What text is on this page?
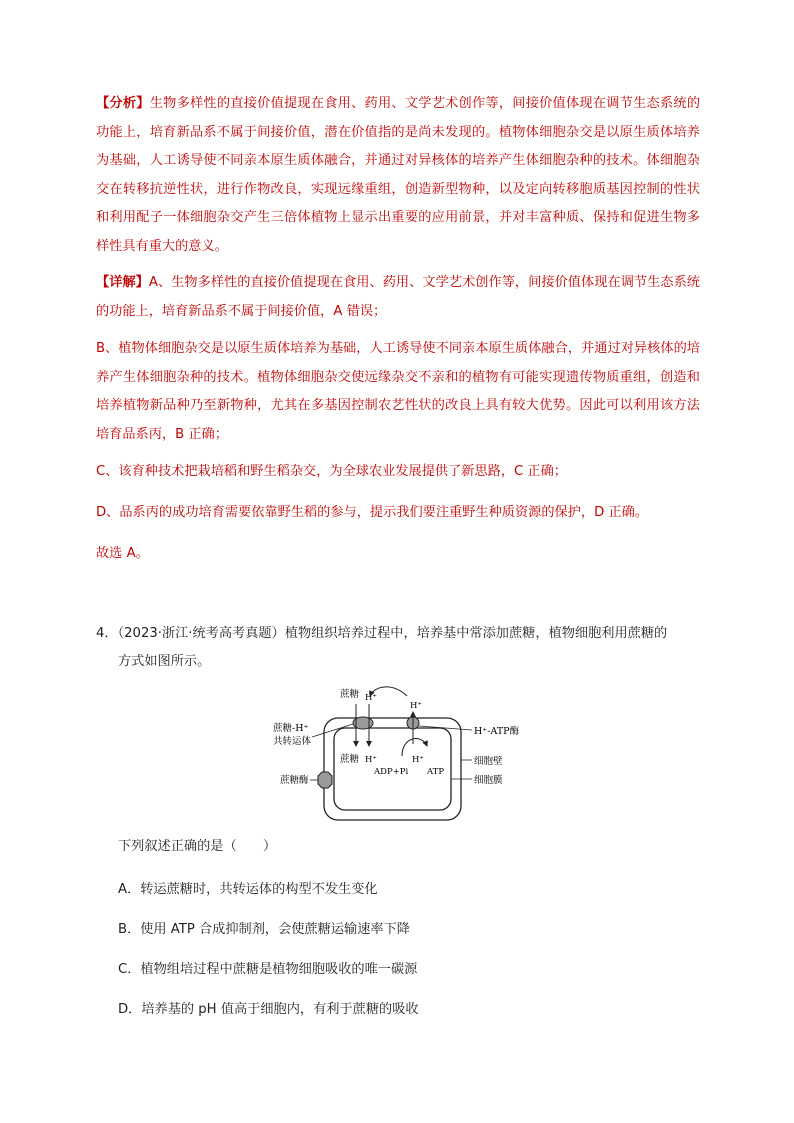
【分析】生物多样性的直接价值提现在食用、药用、文学艺术创作等，间接价值体现在调节生态系统的功能上，培育新品系不属于间接价值，潜在价值指的是尚未发现的。植物体细胞杂交是以原生质体培养为基础，人工诱导使不同亲本原生质体融合，并通过对异核体的培养产生体细胞杂种的技术。体细胞杂交在转移抗逆性状，进行作物改良，实现远缘重组，创造新型物种，以及定向转移胞质基因控制的性状和利用配子一体细胞杂交产生三倍体植物上显示出重要的应用前景，并对丰富种质、保持和促进生物多样性具有重大的意义。

【详解】A、生物多样性的直接价值提现在食用、药用、文学艺术创作等，间接价值体现在调节生态系统的功能上，培育新品系不属于间接价值，A 错误；

B、植物体细胞杂交是以原生质体培养为基础，人工诱导使不同亲本原生质体融合，并通过对异核体的培养产生体细胞杂种的技术。植物体细胞杂交使远缘杂交不亲和的植物有可能实现遗传物质重组，创造和培养植物新品种乃至新物种，尤其在多基因控制农艺性状的改良上具有较大优势。因此可以利用该方法培育品系丙，B 正确；

C、该育种技术把栽培稻和野生稻杂交，为全球农业发展提供了新思路，C 正确；

D、品系丙的成功培育需要依靠野生稻的参与，提示我们要注重野生种质资源的保护，D 正确。

故选 A。

4．（2023·浙江·统考高考真题）植物组织培养过程中，培养基中常添加蔗糖，植物细胞利用蔗糖的
方式如图所示。
蔗糖 H⁺
H⁺
蔗糖 H⁺	H⁺
ADP+Pi ATP
蔗糖-H⁺
共转运体
蔗糖酶
H⁺-ATP酶
细胞壁
细胞膜
下列叙述正确的是（　　）
A．转运蔗糖时，共转运体的构型不发生变化
B．使用 ATP 合成抑制剂，会使蔗糖运输速率下降
C．植物组培过程中蔗糖是植物细胞吸收的唯一碳源
D．培养基的 pH 值高于细胞内，有利于蔗糖的吸收
